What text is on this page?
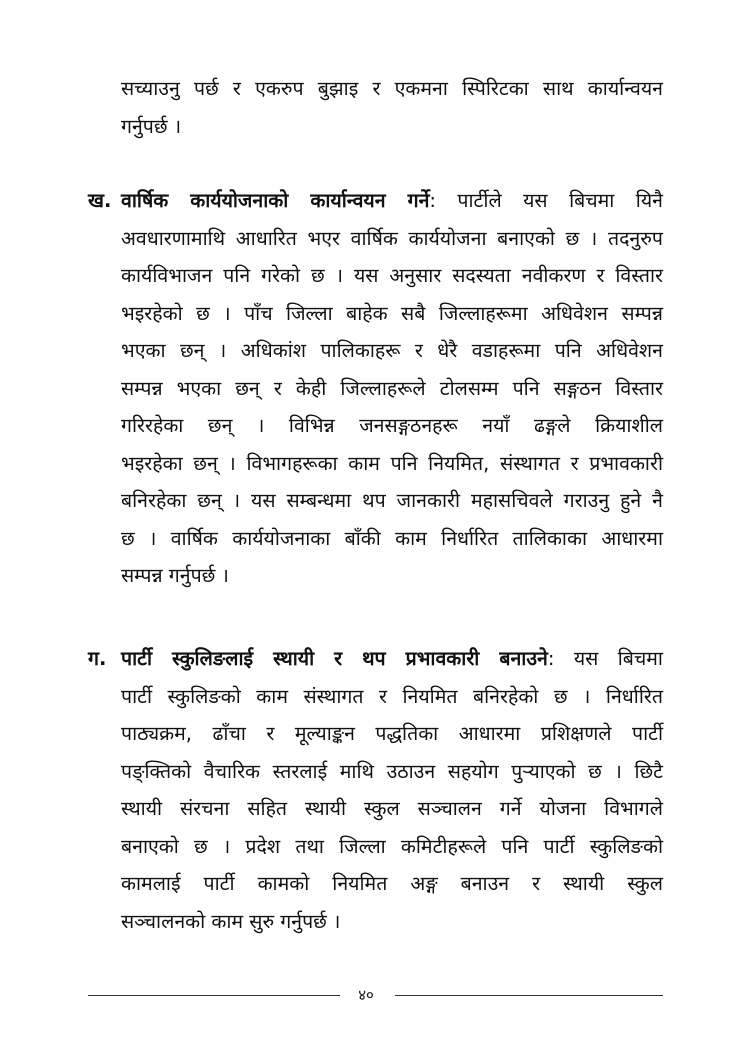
सच्याउनु पर्छ र एकरुप बुझाइ र एकमना स्पिरिटका साथ कार्यान्वयन
गर्नुपर्छ ।
ख. वार्षिक कार्ययोजनाको कार्यान्वयन गर्ने: पार्टीले यस बिचमा यिनै
अवधारणामाथि आधारित भएर वार्षिक कार्ययोजना बनाएको छ । तदनुरुप
कार्यविभाजन पनि गरेको छ । यस अनुसार सदस्यता नवीकरण र विस्तार
भइरहेको छ । पाँच जिल्ला बाहेक सबै जिल्लाहरूमा अधिवेशन सम्पन्न
भएका छन् । अधिकांश पालिकाहरू र धेरै वडाहरूमा पनि अधिवेशन
सम्पन्न भएका छन् र केही जिल्लाहरूले टोलसम्म पनि सङ्गठन विस्तार
गरिरहेका छन् । विभिन्न जनसङ्गठनहरू नयाँ ढङ्गले क्रियाशील
भइरहेका छन् । विभागहरूका काम पनि नियमित, संस्थागत र प्रभावकारी
बनिरहेका छन् । यस सम्बन्धमा थप जानकारी महासचिवले गराउनु हुने नै
छ । वार्षिक कार्ययोजनाका बाँकी काम निर्धारित तालिकाका आधारमा
सम्पन्न गर्नुपर्छ ।
ग. पार्टी स्कुलिङलाई स्थायी र थप प्रभावकारी बनाउने: यस बिचमा
पार्टी स्कुलिङको काम संस्थागत र नियमित बनिरहेको छ । निर्धारित
पाठ्यक्रम, ढाँचा र मूल्याङ्कन पद्धतिका आधारमा प्रशिक्षणले पार्टी
पङ्क्तिको वैचारिक स्तरलाई माथि उठाउन सहयोग पुर्‍याएको छ । छिटै
स्थायी संरचना सहित स्थायी स्कुल सञ्चालन गर्ने योजना विभागले
बनाएको छ । प्रदेश तथा जिल्ला कमिटीहरूले पनि पार्टी स्कुलिङको
कामलाई पार्टी कामको नियमित अङ्ग बनाउन र स्थायी स्कुल
सञ्चालनको काम सुरु गर्नुपर्छ ।
४०
